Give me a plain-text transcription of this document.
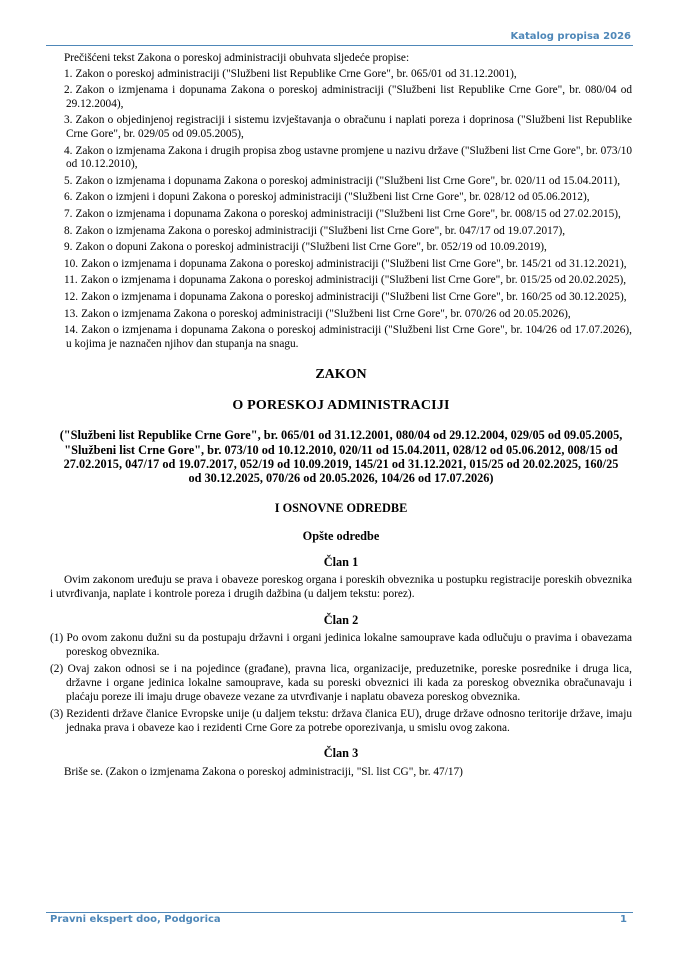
Katalog propisa 2026

Prečišćeni tekst Zakona o poreskoj administraciji obuhvata sljedeće propise:

1. Zakon o poreskoj administraciji ("Službeni list Republike Crne Gore", br. 065/01 od 31.12.2001),
2. Zakon o izmjenama i dopunama Zakona o poreskoj administraciji ("Službeni list Republike Crne Gore", br. 080/04 od 29.12.2004),
3. Zakon o objedinjenoj registraciji i sistemu izvještavanja o obračunu i naplati poreza i doprinosa ("Službeni list Republike Crne Gore", br. 029/05 od 09.05.2005),
4. Zakon o izmjenama Zakona i drugih propisa zbog ustavne promjene u nazivu države ("Službeni list Crne Gore", br. 073/10 od 10.12.2010),
5. Zakon o izmjenama i dopunama Zakona o poreskoj administraciji ("Službeni list Crne Gore", br. 020/11 od 15.04.2011),
6. Zakon o izmjeni i dopuni Zakona o poreskoj administraciji ("Službeni list Crne Gore", br. 028/12 od 05.06.2012),
7. Zakon o izmjenama i dopunama Zakona o poreskoj administraciji ("Službeni list Crne Gore", br. 008/15 od 27.02.2015),
8. Zakon o izmjenama Zakona o poreskoj administraciji ("Službeni list Crne Gore", br. 047/17 od 19.07.2017),
9. Zakon o dopuni Zakona o poreskoj administraciji ("Službeni list Crne Gore", br. 052/19 od 10.09.2019),
10. Zakon o izmjenama i dopunama Zakona o poreskoj administraciji ("Službeni list Crne Gore", br. 145/21 od 31.12.2021),
11. Zakon o izmjenama i dopunama Zakona o poreskoj administraciji ("Službeni list Crne Gore", br. 015/25 od 20.02.2025),
12. Zakon o izmjenama i dopunama Zakona o poreskoj administraciji ("Službeni list Crne Gore", br. 160/25 od 30.12.2025),
13. Zakon o izmjenama Zakona o poreskoj administraciji ("Službeni list Crne Gore", br. 070/26 od 20.05.2026),
14. Zakon o izmjenama i dopunama Zakona o poreskoj administraciji ("Službeni list Crne Gore", br. 104/26 od 17.07.2026), u kojima je naznačen njihov dan stupanja na snagu.
ZAKON
O PORESKOJ ADMINISTRACIJI
("Službeni list Republike Crne Gore", br. 065/01 od 31.12.2001, 080/04 od 29.12.2004, 029/05 od 09.05.2005, "Službeni list Crne Gore", br. 073/10 od 10.12.2010, 020/11 od 15.04.2011, 028/12 od 05.06.2012, 008/15 od 27.02.2015, 047/17 od 19.07.2017, 052/19 od 10.09.2019, 145/21 od 31.12.2021, 015/25 od 20.02.2025, 160/25 od 30.12.2025, 070/26 od 20.05.2026, 104/26 od 17.07.2026)
I OSNOVNE ODREDBE
Opšte odredbe
Član 1

Ovim zakonom uređuju se prava i obaveze poreskog organa i poreskih obveznika u postupku registracije poreskih obveznika i utvrđivanja, naplate i kontrole poreza i drugih dažbina (u daljem tekstu: porez).

Član 2

(1) Po ovom zakonu dužni su da postupaju državni i organi jedinica lokalne samouprave kada odlučuju o pravima i obavezama poreskog obveznika.

(2) Ovaj zakon odnosi se i na pojedince (građane), pravna lica, organizacije, preduzetnike, poreske posrednike i druga lica, državne i organe jedinica lokalne samouprave, kada su poreski obveznici ili kada za poreskog obveznika obračunavaju i plaćaju poreze ili imaju druge obaveze vezane za utvrđivanje i naplatu obaveza poreskog obveznika.

(3) Rezidenti države članice Evropske unije (u daljem tekstu: država članica EU), druge države odnosno teritorije države, imaju jednaka prava i obaveze kao i rezidenti Crne Gore za potrebe oporezivanja, u smislu ovog zakona.

Član 3

Briše se. (Zakon o izmjenama Zakona o poreskoj administraciji, "Sl. list CG", br. 47/17)

Pravni ekspert doo, Podgorica	1
